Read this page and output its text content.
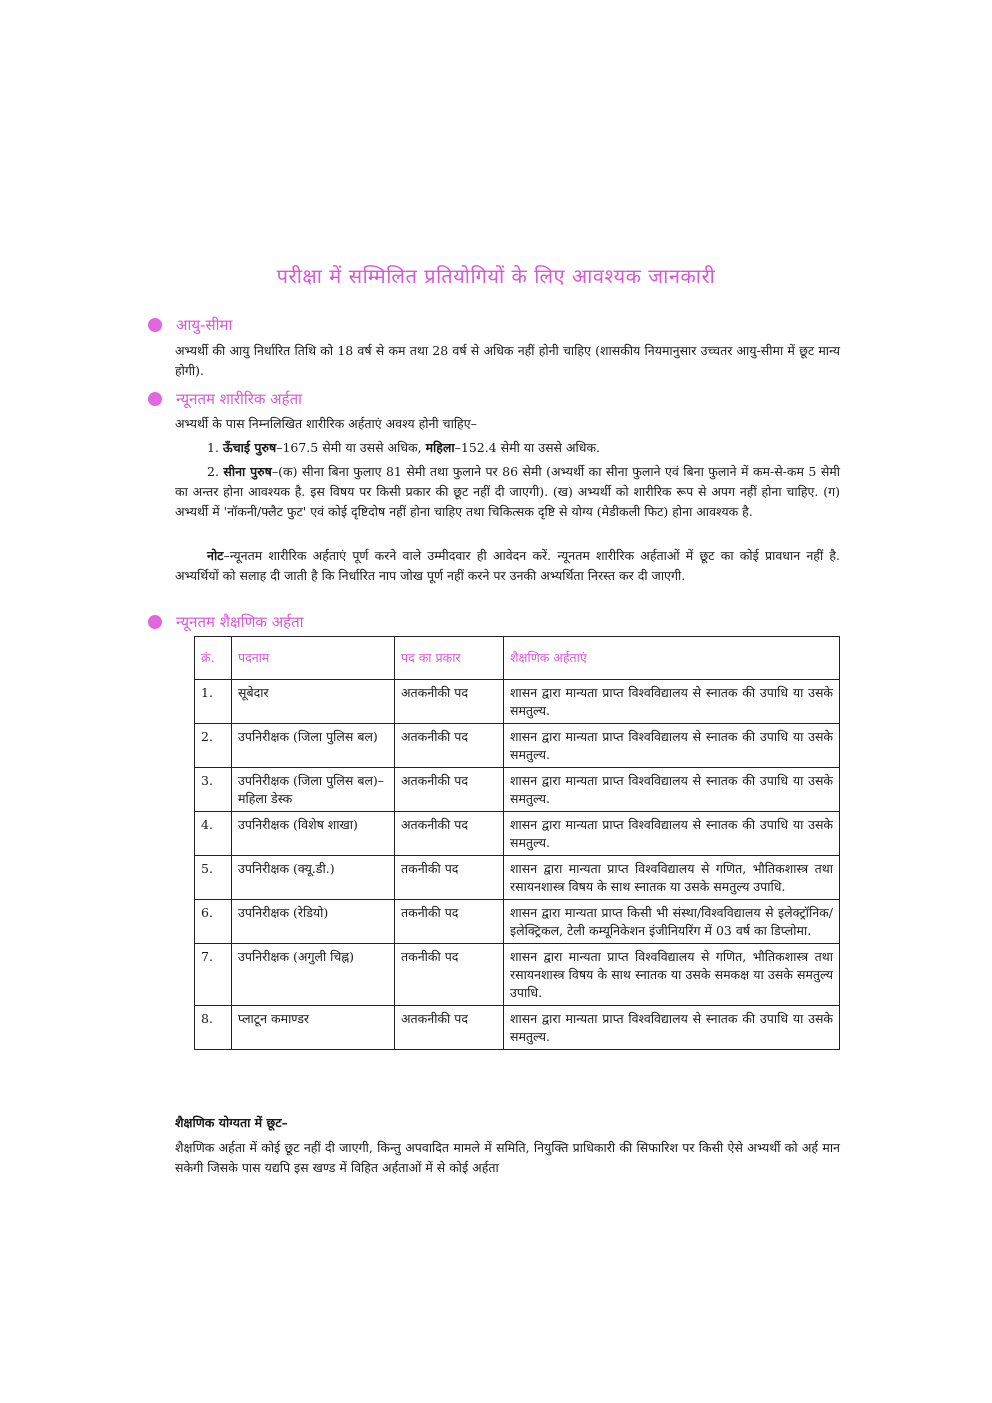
परीक्षा में सम्मिलित प्रतियोगियों के लिए आवश्यक जानकारी
आयु-सीमा
अभ्यर्थी की आयु निर्धारित तिथि को 18 वर्ष से कम तथा 28 वर्ष से अधिक नहीं होनी चाहिए (शासकीय नियमानुसार उच्चतर आयु-सीमा में छूट मान्य होगी).
न्यूनतम शारीरिक अर्हता
अभ्यर्थी के पास निम्नलिखित शारीरिक अर्हताएं अवश्य होनी चाहिए–
1. ऊँचाई पुरुष–167.5 सेमी या उससे अधिक, महिला–152.4 सेमी या उससे अधिक.
2. सीना पुरुष–(क) सीना बिना फुलाए 81 सेमी तथा फुलाने पर 86 सेमी (अभ्यर्थी का सीना फुलाने एवं बिना फुलाने में कम-से-कम 5 सेमी का अन्तर होना आवश्यक है. इस विषय पर किसी प्रकार की छूट नहीं दी जाएगी). (ख) अभ्यर्थी को शारीरिक रूप से अपग नहीं होना चाहिए. (ग) अभ्यर्थी में 'नॉकनी/फ्लैट फुट' एवं कोई दृष्टिदोष नहीं होना चाहिए तथा चिकित्सक दृष्टि से योग्य (मेडीकली फिट) होना आवश्यक है.
नोट–न्यूनतम शारीरिक अर्हताएं पूर्ण करने वाले उम्मीदवार ही आवेदन करें. न्यूनतम शारीरिक अर्हताओं में छूट का कोई प्रावधान नहीं है. अभ्यर्थियों को सलाह दी जाती है कि निर्धारित नाप जोख पूर्ण नहीं करने पर उनकी अभ्यर्थिता निरस्त कर दी जाएगी.
न्यूनतम शैक्षणिक अर्हता
क्रं.	पदनाम	पद का प्रकार	शैक्षणिक अर्हताएं
1.	सूबेदार	अतकनीकी पद	शासन द्वारा मान्यता प्राप्त विश्वविद्यालय से स्नातक की उपाधि या उसके समतुल्य.
2.	उपनिरीक्षक (जिला पुलिस बल)	अतकनीकी पद	शासन द्वारा मान्यता प्राप्त विश्वविद्यालय से स्नातक की उपाधि या उसके समतुल्य.
3.	उपनिरीक्षक (जिला पुलिस बल)–महिला डेस्क	अतकनीकी पद	शासन द्वारा मान्यता प्राप्त विश्वविद्यालय से स्नातक की उपाधि या उसके समतुल्य.
4.	उपनिरीक्षक (विशेष शाखा)	अतकनीकी पद	शासन द्वारा मान्यता प्राप्त विश्वविद्यालय से स्नातक की उपाधि या उसके समतुल्य.
5.	उपनिरीक्षक (क्यू.डी.)	तकनीकी पद	शासन द्वारा मान्यता प्राप्त विश्वविद्यालय से गणित, भौतिकशास्त्र तथा रसायनशास्त्र विषय के साथ स्नातक या उसके समतुल्य उपाधि.
6.	उपनिरीक्षक (रेडियो)	तकनीकी पद	शासन द्वारा मान्यता प्राप्त किसी भी संस्था/विश्वविद्यालय से इलेक्ट्रॉनिक/इलेक्ट्रिकल, टेली कम्यूनिकेशन इंजीनियरिंग में 03 वर्ष का डिप्लोमा.
7.	उपनिरीक्षक (अगुली चिह्न)	तकनीकी पद	शासन द्वारा मान्यता प्राप्त विश्वविद्यालय से गणित, भौतिकशास्त्र तथा रसायनशास्त्र विषय के साथ स्नातक या उसके समकक्ष या उसके समतुल्य उपाधि.
8.	प्लाटून कमाण्डर	अतकनीकी पद	शासन द्वारा मान्यता प्राप्त विश्वविद्यालय से स्नातक की उपाधि या उसके समतुल्य.
शैक्षणिक योग्यता में छूट–
शैक्षणिक अर्हता में कोई छूट नहीं दी जाएगी, किन्तु अपवादित मामले में समिति, नियुक्ति प्राधिकारी की सिफारिश पर किसी ऐसे अभ्यर्थी को अर्ह मान सकेगी जिसके पास यद्यपि इस खण्ड में विहित अर्हताओं में से कोई अर्हता
